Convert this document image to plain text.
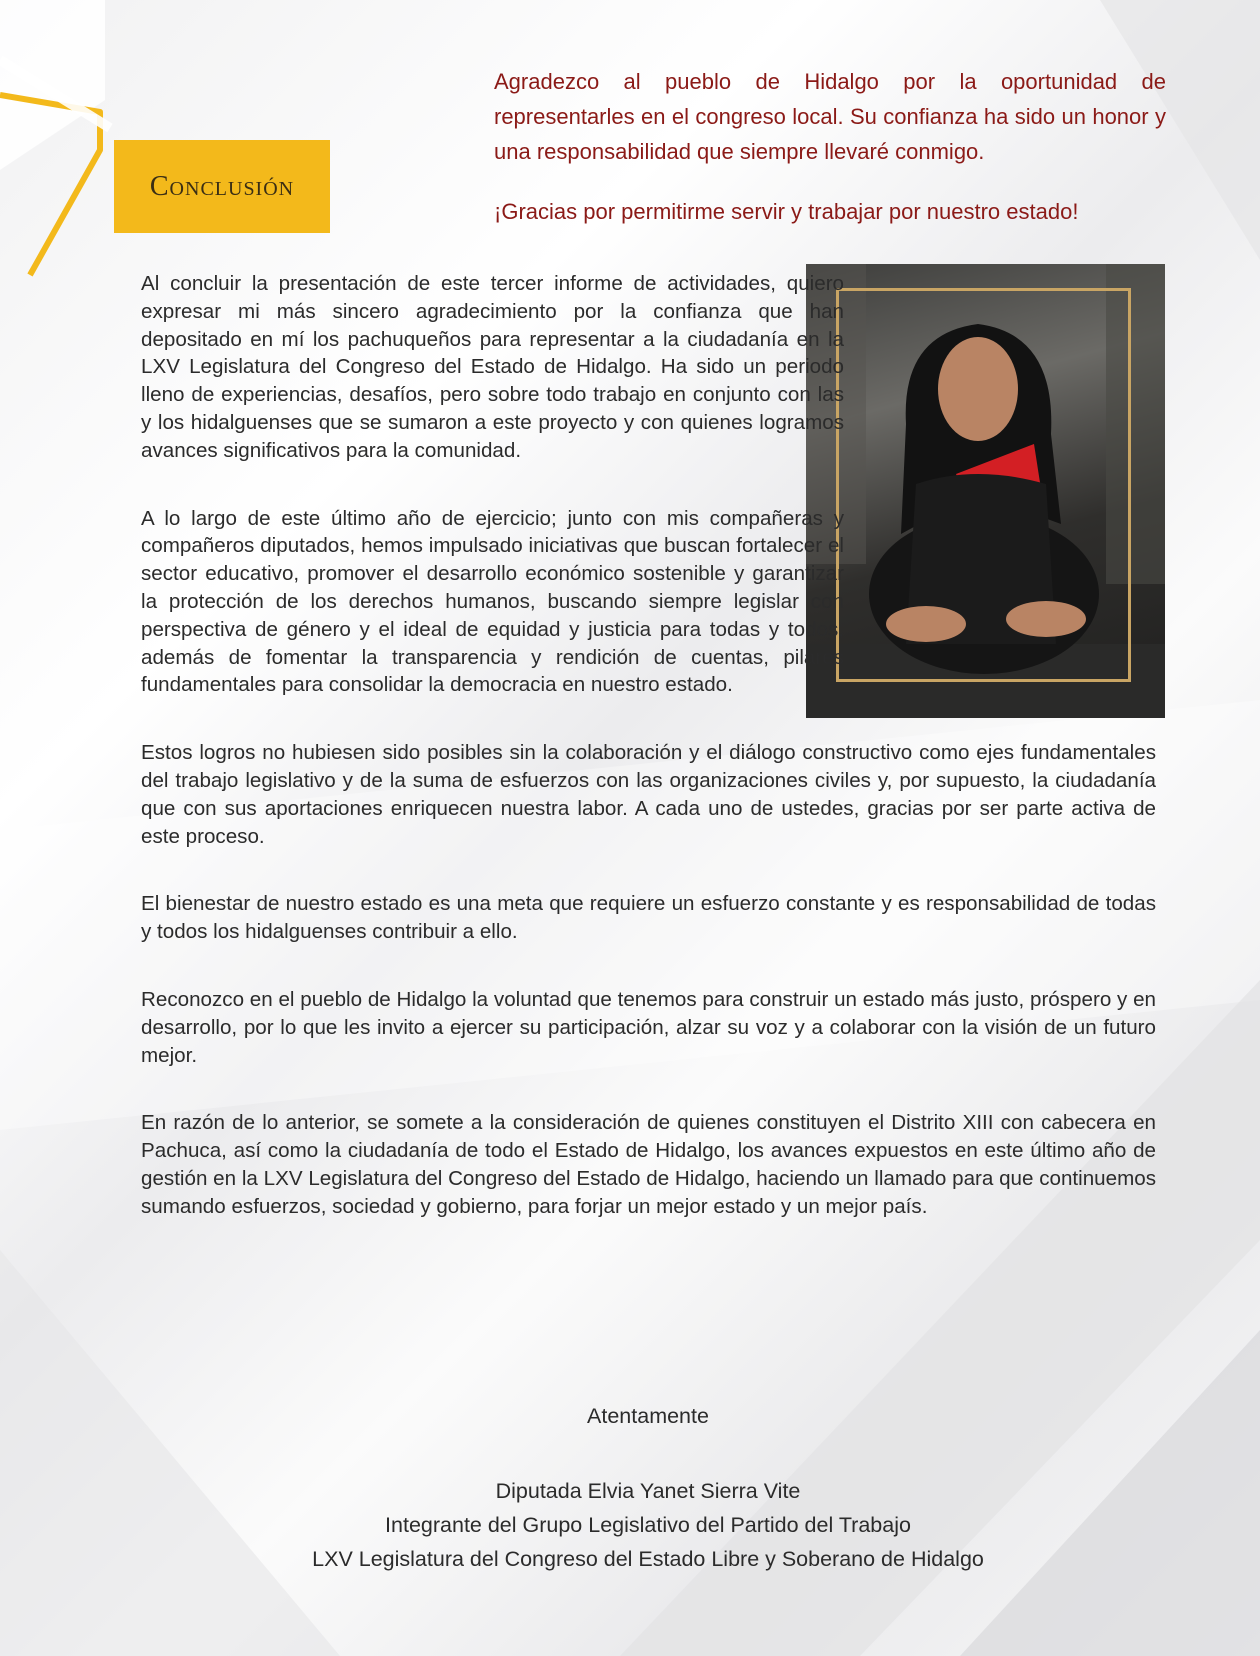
Conclusión

Agradezco al pueblo de Hidalgo por la oportunidad de representarles en el congreso local. Su confianza ha sido un honor y una responsabilidad que siempre llevaré conmigo.

¡Gracias por permitirme servir y trabajar por nuestro estado!

Al concluir la presentación de este tercer informe de actividades, quiero expresar mi más sincero agradecimiento por la confianza que han depositado en mí los pachuqueños para representar a la ciudadanía en la LXV Legislatura del Congreso del Estado de Hidalgo. Ha sido un periodo lleno de experiencias, desafíos, pero sobre todo trabajo en conjunto con las y los hidalguenses que se sumaron a este proyecto y con quienes logramos avances significativos para la comunidad.

A lo largo de este último año de ejercicio; junto con mis compañeras y compañeros diputados, hemos impulsado iniciativas que buscan fortalecer el sector educativo, promover el desarrollo económico sostenible y garantizar la protección de los derechos humanos, buscando siempre legislar con perspectiva de género y el ideal de equidad y justicia para todas y todos, además de fomentar la transparencia y rendición de cuentas, pilares fundamentales para consolidar la democracia en nuestro estado.

Estos logros no hubiesen sido posibles sin la colaboración y el diálogo constructivo como ejes fundamentales del trabajo legislativo y de la suma de esfuerzos con las organizaciones civiles y, por supuesto, la ciudadanía que con sus aportaciones enriquecen nuestra labor. A cada uno de ustedes, gracias por ser parte activa de este proceso.

El bienestar de nuestro estado es una meta que requiere un esfuerzo constante y es responsabilidad de todas y todos los hidalguenses contribuir a ello.

Reconozco en el pueblo de Hidalgo la voluntad que tenemos para construir un estado más justo, próspero y en desarrollo, por lo que les invito a ejercer su participación, alzar su voz y a colaborar con la visión de un futuro mejor.

En razón de lo anterior, se somete a la consideración de quienes constituyen el Distrito XIII con cabecera en Pachuca, así como la ciudadanía de todo el Estado de Hidalgo, los avances expuestos en este último año de gestión en la LXV Legislatura del Congreso del Estado de Hidalgo, haciendo un llamado para que continuemos sumando esfuerzos, sociedad y gobierno, para forjar un mejor estado y un mejor país.

Atentamente

Diputada Elvia Yanet Sierra Vite

Integrante del Grupo Legislativo del Partido del Trabajo

LXV Legislatura del Congreso del Estado Libre y Soberano de Hidalgo
